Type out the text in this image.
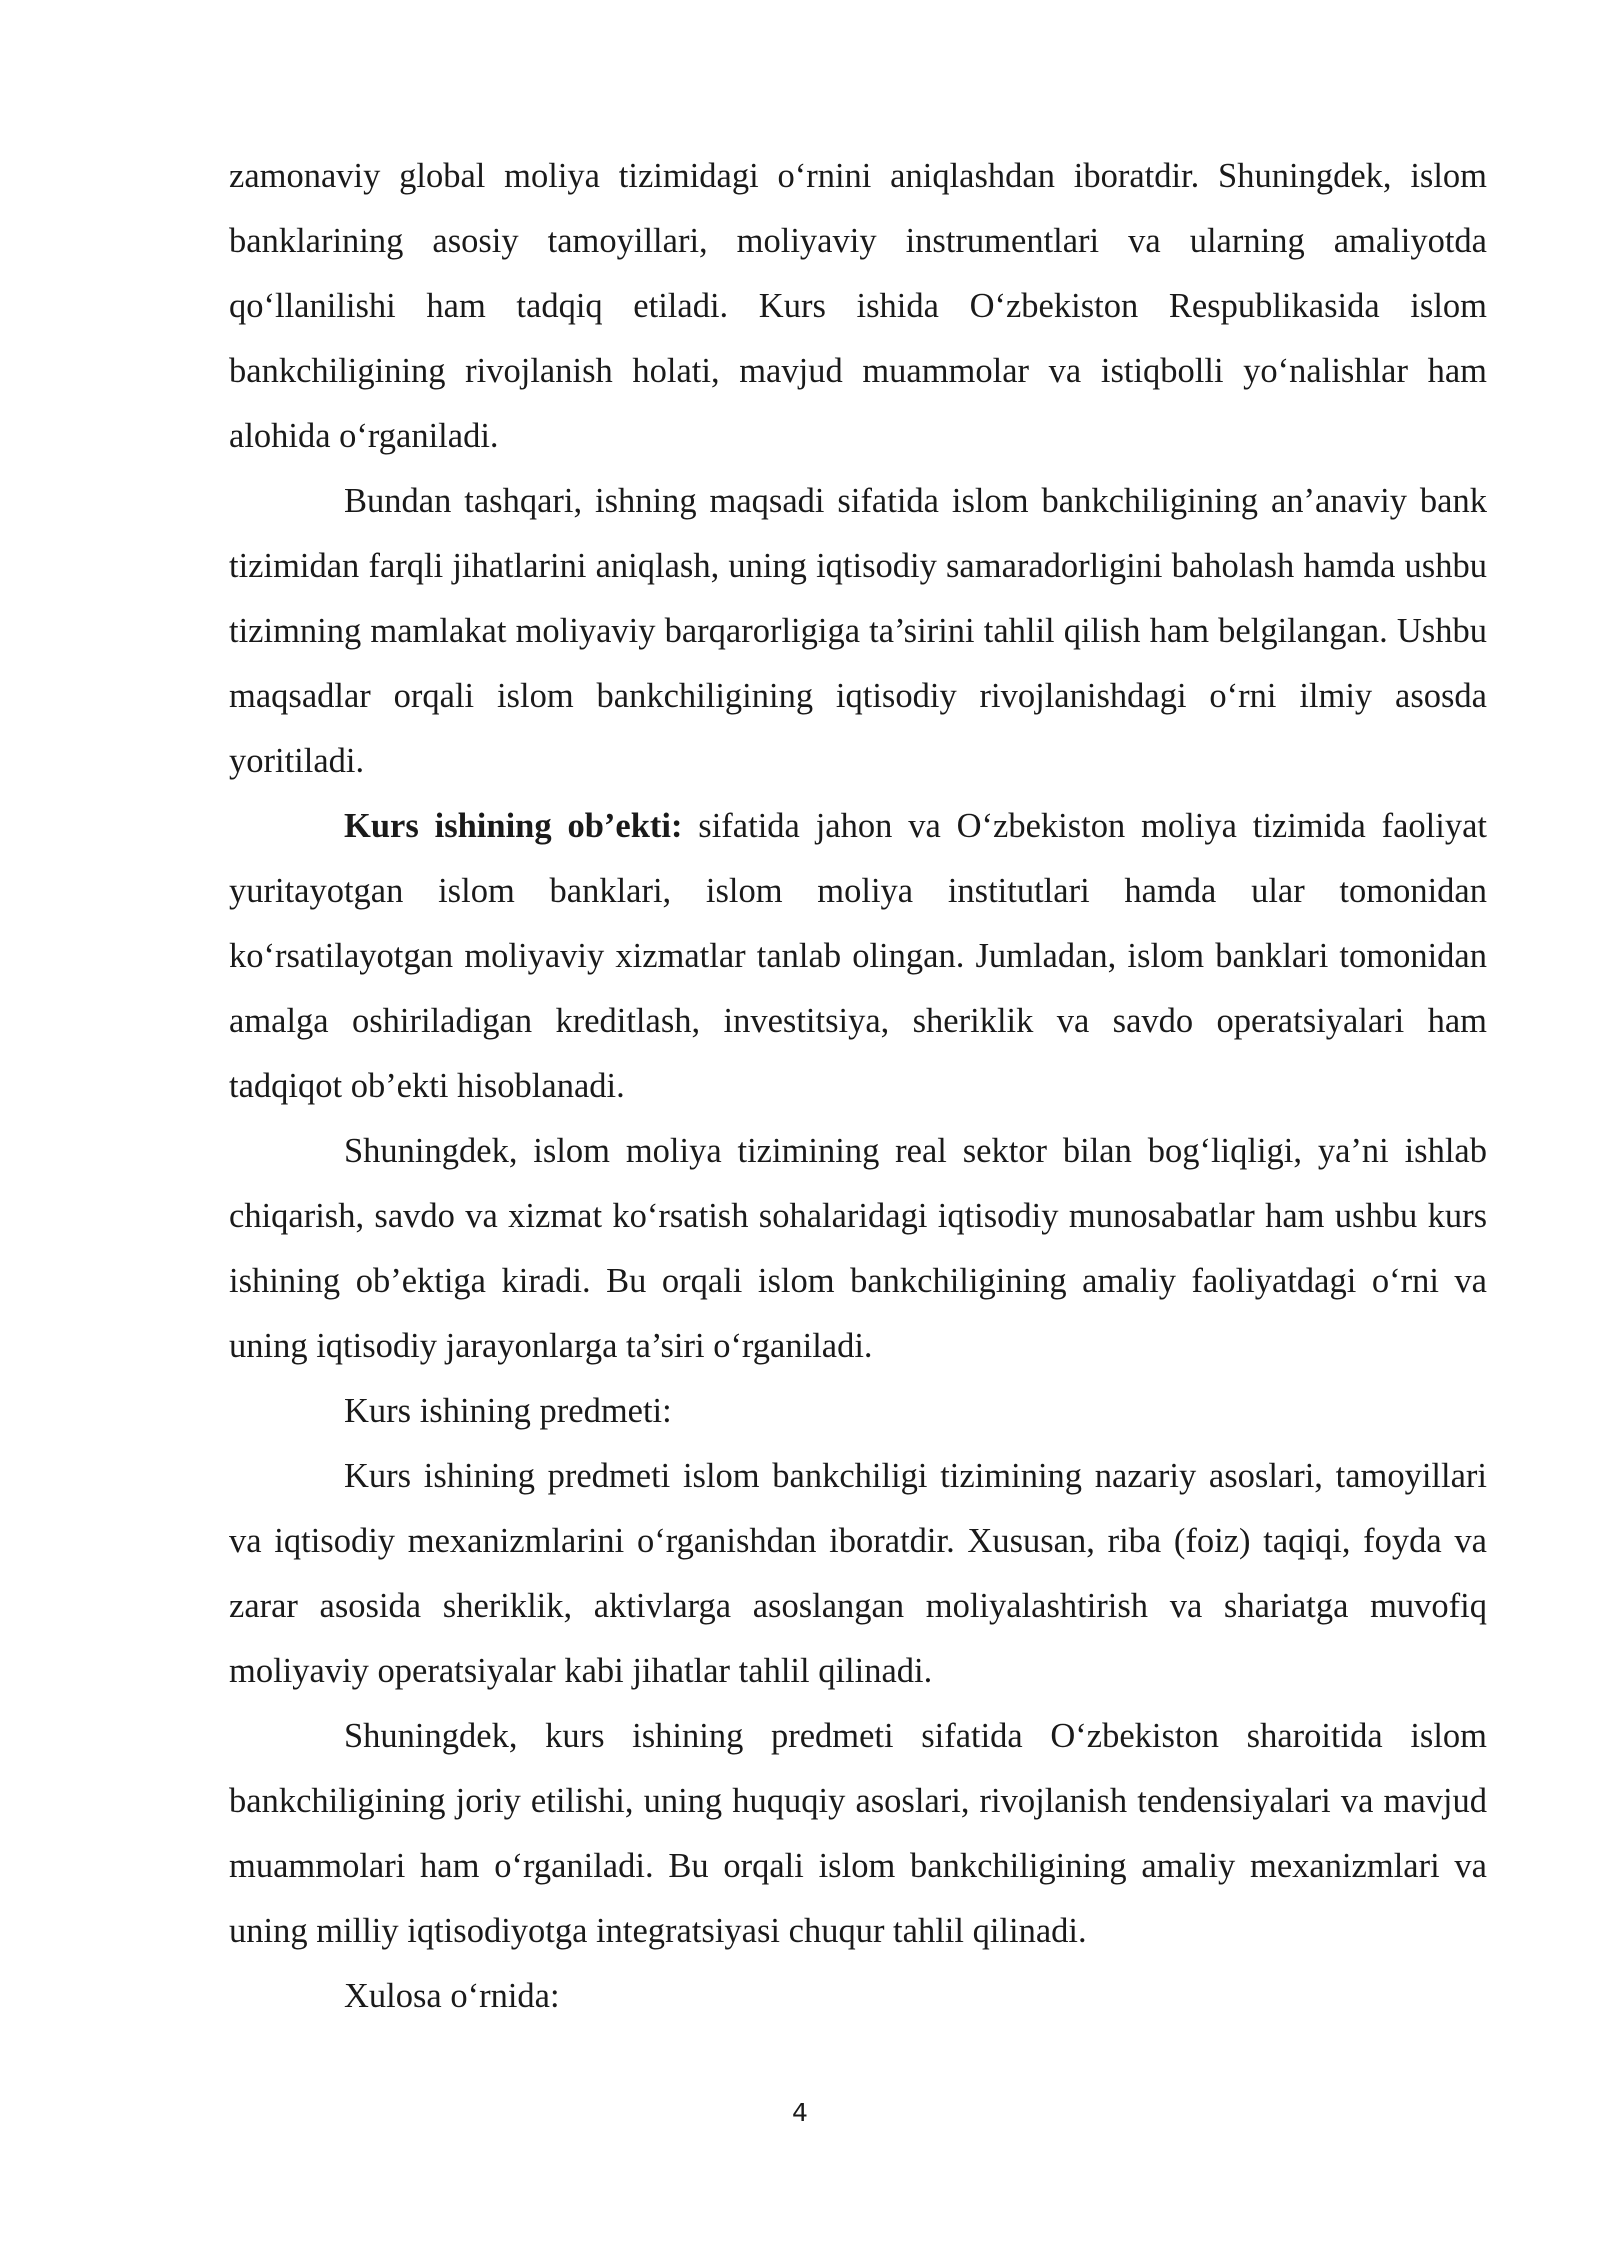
zamonaviy global moliya tizimidagi o‘rnini aniqlashdan iboratdir. Shuningdek, islom banklarining asosiy tamoyillari, moliyaviy instrumentlari va ularning amaliyotda qo‘llanilishi ham tadqiq etiladi. Kurs ishida O‘zbekiston Respublikasida islom bankchiligining rivojlanish holati, mavjud muammolar va istiqbolli yo‘nalishlar ham alohida o‘rganiladi.

Bundan tashqari, ishning maqsadi sifatida islom bankchiligining an’anaviy bank tizimidan farqli jihatlarini aniqlash, uning iqtisodiy samaradorligini baholash hamda ushbu tizimning mamlakat moliyaviy barqarorligiga ta’sirini tahlil qilish ham belgilangan. Ushbu maqsadlar orqali islom bankchiligining iqtisodiy rivojlanishdagi o‘rni ilmiy asosda yoritiladi.

Kurs ishining ob’ekti: sifatida jahon va O‘zbekiston moliya tizimida faoliyat yuritayotgan islom banklari, islom moliya institutlari hamda ular tomonidan ko‘rsatilayotgan moliyaviy xizmatlar tanlab olingan. Jumladan, islom banklari tomonidan amalga oshiriladigan kreditlash, investitsiya, sheriklik va savdo operatsiyalari ham tadqiqot ob’ekti hisoblanadi.

Shuningdek, islom moliya tizimining real sektor bilan bog‘liqligi, ya’ni ishlab chiqarish, savdo va xizmat ko‘rsatish sohalaridagi iqtisodiy munosabatlar ham ushbu kurs ishining ob’ektiga kiradi. Bu orqali islom bankchiligining amaliy faoliyatdagi o‘rni va uning iqtisodiy jarayonlarga ta’siri o‘rganiladi.

Kurs ishining predmeti:

Kurs ishining predmeti islom bankchiligi tizimining nazariy asoslari, tamoyillari va iqtisodiy mexanizmlarini o‘rganishdan iboratdir. Xususan, riba (foiz) taqiqi, foyda va zarar asosida sheriklik, aktivlarga asoslangan moliyalashtirish va shariatga muvofiq moliyaviy operatsiyalar kabi jihatlar tahlil qilinadi.

Shuningdek, kurs ishining predmeti sifatida O‘zbekiston sharoitida islom bankchiligining joriy etilishi, uning huquqiy asoslari, rivojlanish tendensiyalari va mavjud muammolari ham o‘rganiladi. Bu orqali islom bankchiligining amaliy mexanizmlari va uning milliy iqtisodiyotga integratsiyasi chuqur tahlil qilinadi.

Xulosa o‘rnida:

4
